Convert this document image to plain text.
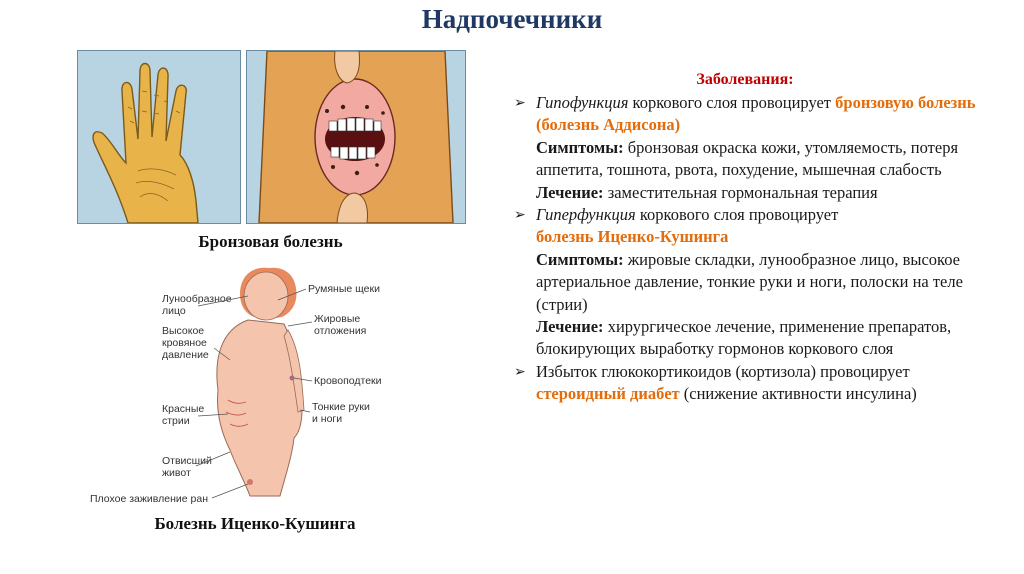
Надпочечники
Бронзовая болезнь
Лунообразное
лицо
Румяные щеки
Жировые
отложения
Высокое
кровяное
давление
Кровоподтеки
Красные
стрии
Тонкие руки
и ноги
Отвисший
живот
Плохое заживление ран
Болезнь Иценко-Кушинга
Заболевания:
➢ Гипофункция коркового слоя провоцирует бронзовую болезнь (болезнь Аддисона)
Симптомы: бронзовая окраска кожи, утомляемость, потеря аппетита, тошнота, рвота, похудение, мышечная слабость
Лечение: заместительная гормональная терапия
➢ Гиперфункция коркового слоя провоцирует
болезнь Иценко-Кушинга
Симптомы: жировые складки, лунообразное лицо, высокое артериальное давление, тонкие руки и ноги, полоски на теле (стрии)
Лечение: хирургическое лечение, применение препаратов, блокирующих выработку гормонов коркового слоя
➢ Избыток глюкокортикоидов (кортизола) провоцирует стероидный диабет (снижение активности инсулина)
